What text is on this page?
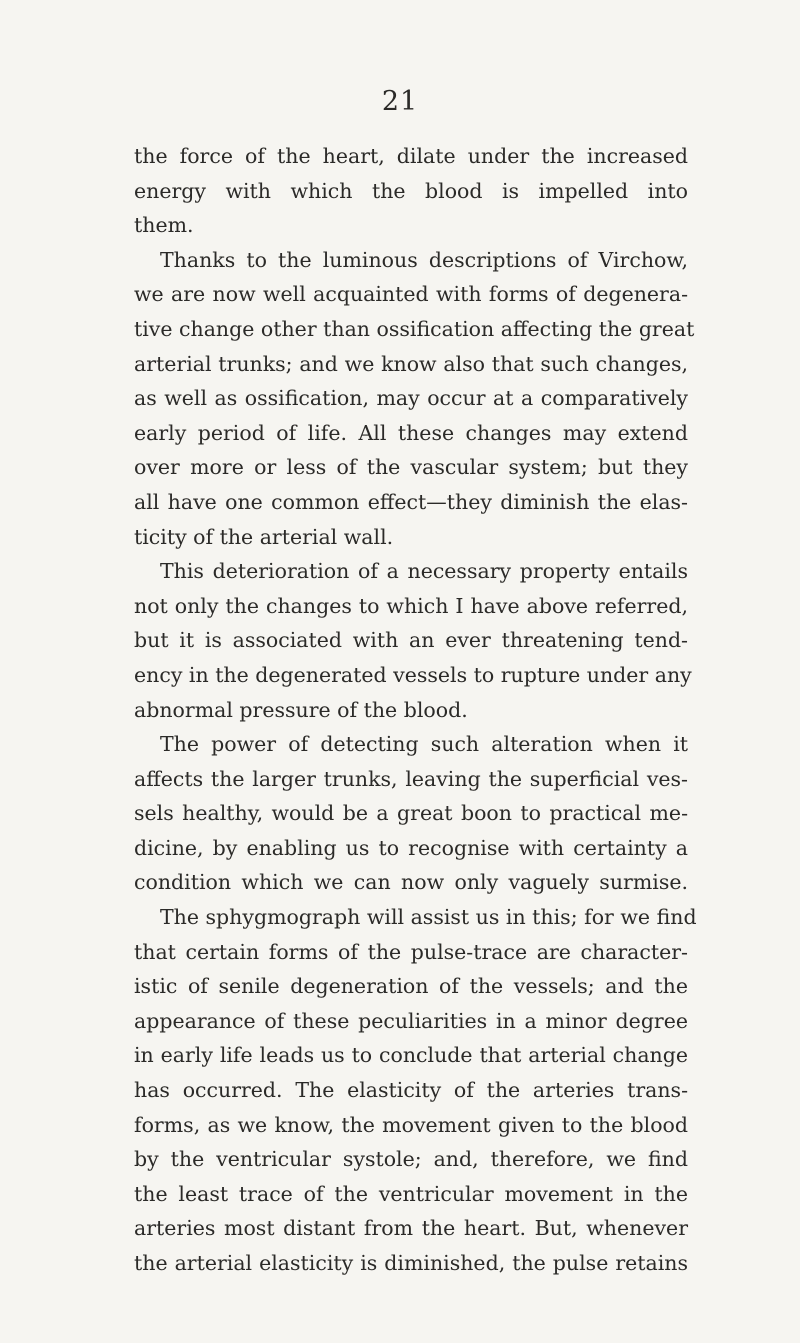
21
the force of the heart, dilate under the increased
energy with which the blood is impelled into
them.
Thanks to the luminous descriptions of Virchow,
we are now well acquainted with forms of degenera-
tive change other than ossification affecting the great
arterial trunks; and we know also that such changes,
as well as ossification, may occur at a comparatively
early period of life. All these changes may extend
over more or less of the vascular system; but they
all have one common effect—they diminish the elas-
ticity of the arterial wall.
This deterioration of a necessary property entails
not only the changes to which I have above referred,
but it is associated with an ever threatening tend-
ency in the degenerated vessels to rupture under any
abnormal pressure of the blood.
The power of detecting such alteration when it
affects the larger trunks, leaving the superficial ves-
sels healthy, would be a great boon to practical me-
dicine, by enabling us to recognise with certainty a
condition which we can now only vaguely surmise.
The sphygmograph will assist us in this; for we find
that certain forms of the pulse-trace are character-
istic of senile degeneration of the vessels; and the
appearance of these peculiarities in a minor degree
in early life leads us to conclude that arterial change
has occurred. The elasticity of the arteries trans-
forms, as we know, the movement given to the blood
by the ventricular systole; and, therefore, we find
the least trace of the ventricular movement in the
arteries most distant from the heart. But, whenever
the arterial elasticity is diminished, the pulse retains
